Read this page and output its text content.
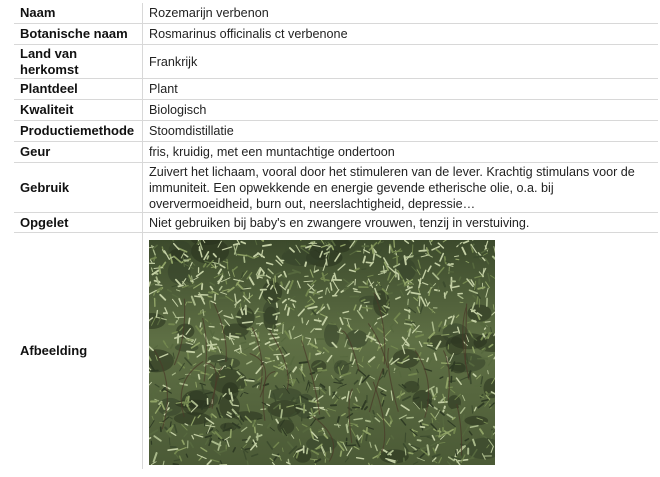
Naam	Rozemarijn verbenon
Botanische naam	Rosmarinus officinalis ct verbenone
Land van herkomst	Frankrijk
Plantdeel	Plant
Kwaliteit	Biologisch
Productiemethode	Stoomdistillatie
Geur	fris, kruidig, met een muntachtige ondertoon
Gebruik	Zuivert het lichaam, vooral door het stimuleren van de lever. Krachtig stimulans voor de immuniteit. Een opwekkende en energie gevende etherische olie, o.a. bij oververmoeidheid, burn out, neerslachtigheid, depressie…
Opgelet	Niet gebruiken bij baby's en zwangere vrouwen, tenzij in verstuiving.
Afbeelding	
